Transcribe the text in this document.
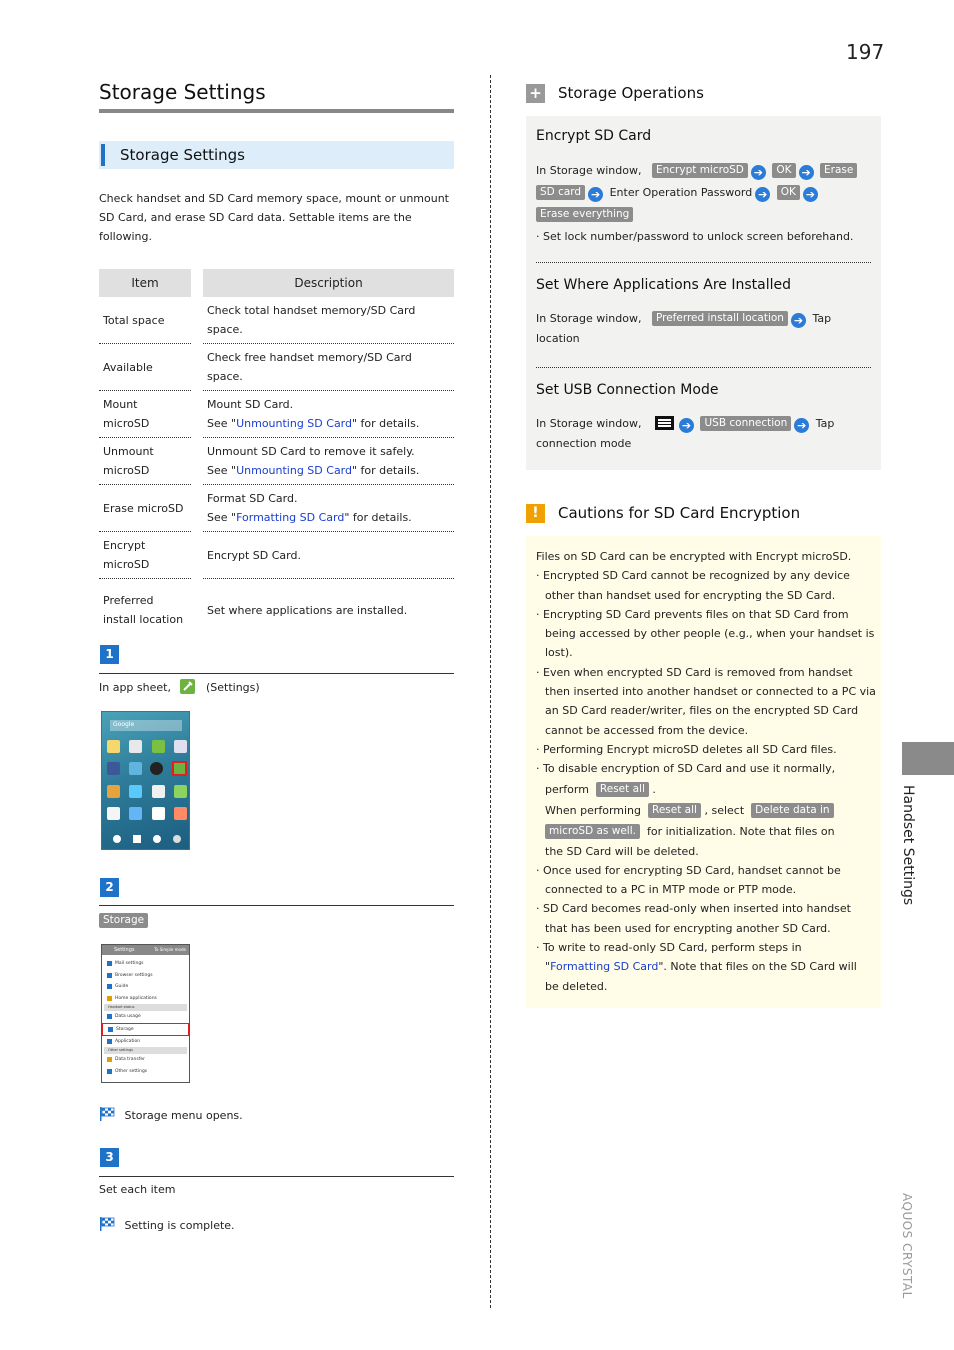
197
Storage Settings
Storage Settings
Check handset and SD Card memory space, mount or unmount SD Card, and erase SD Card data. Settable items are the following.
Item		Description
Total space		Check total handset memory/SD Card space.
Available		Check free handset memory/SD Card space.
Mount microSD		Mount SD Card.
See "Unmounting SD Card" for details.
Unmount microSD		Unmount SD Card to remove it safely.
See "Unmounting SD Card" for details.
Erase microSD		Format SD Card.
See "Formatting SD Card" for details.
Encrypt microSD		Encrypt SD Card.
Preferred install location		Set where applications are installed.
1
In app sheet,	(Settings)
Google
2
Storage
Settings	To Simple mode
Mail settings
Browser settings
Guide
Home applications
Handset status
Data usage
Storage
Application
Other settings
Data transfer
Other settings
Storage menu opens.
3
Set each item
Setting is complete.
+ Storage Operations
Encrypt SD Card
In Storage window, Encrypt microSD ➔ OK ➔ Erase
SD card ➔ Enter Operation Password ➔ OK ➔
Erase everything
· Set lock number/password to unlock screen beforehand.
Set Where Applications Are Installed
In Storage window, Preferred install location ➔ Tap
location
Set USB Connection Mode
In Storage window,	➔ USB connection ➔ Tap
connection mode
!	Cautions for SD Card Encryption
Files on SD Card can be encrypted with Encrypt microSD.
· Encrypted SD Card cannot be recognized by any device other than handset used for encrypting the SD Card.
· Encrypting SD Card prevents files on that SD Card from being accessed by other people (e.g., when your handset is lost).
· Even when encrypted SD Card is removed from handset then inserted into another handset or connected to a PC via an SD Card reader/writer, files on the encrypted SD Card cannot be accessed from the device.
· Performing Encrypt microSD deletes all SD Card files.
· To disable encryption of SD Card and use it normally,
perform Reset all .
When performing Reset all , select Delete data in
microSD as well. for initialization. Note that files on
the SD Card will be deleted.
· Once used for encrypting SD Card, handset cannot be connected to a PC in MTP mode or PTP mode.
· SD Card becomes read-only when inserted into handset that has been used for encrypting another SD Card.
· To write to read-only SD Card, perform steps in
"Formatting SD Card". Note that files on the SD Card will
be deleted.
Handset Settings
AQUOS CRYSTAL
